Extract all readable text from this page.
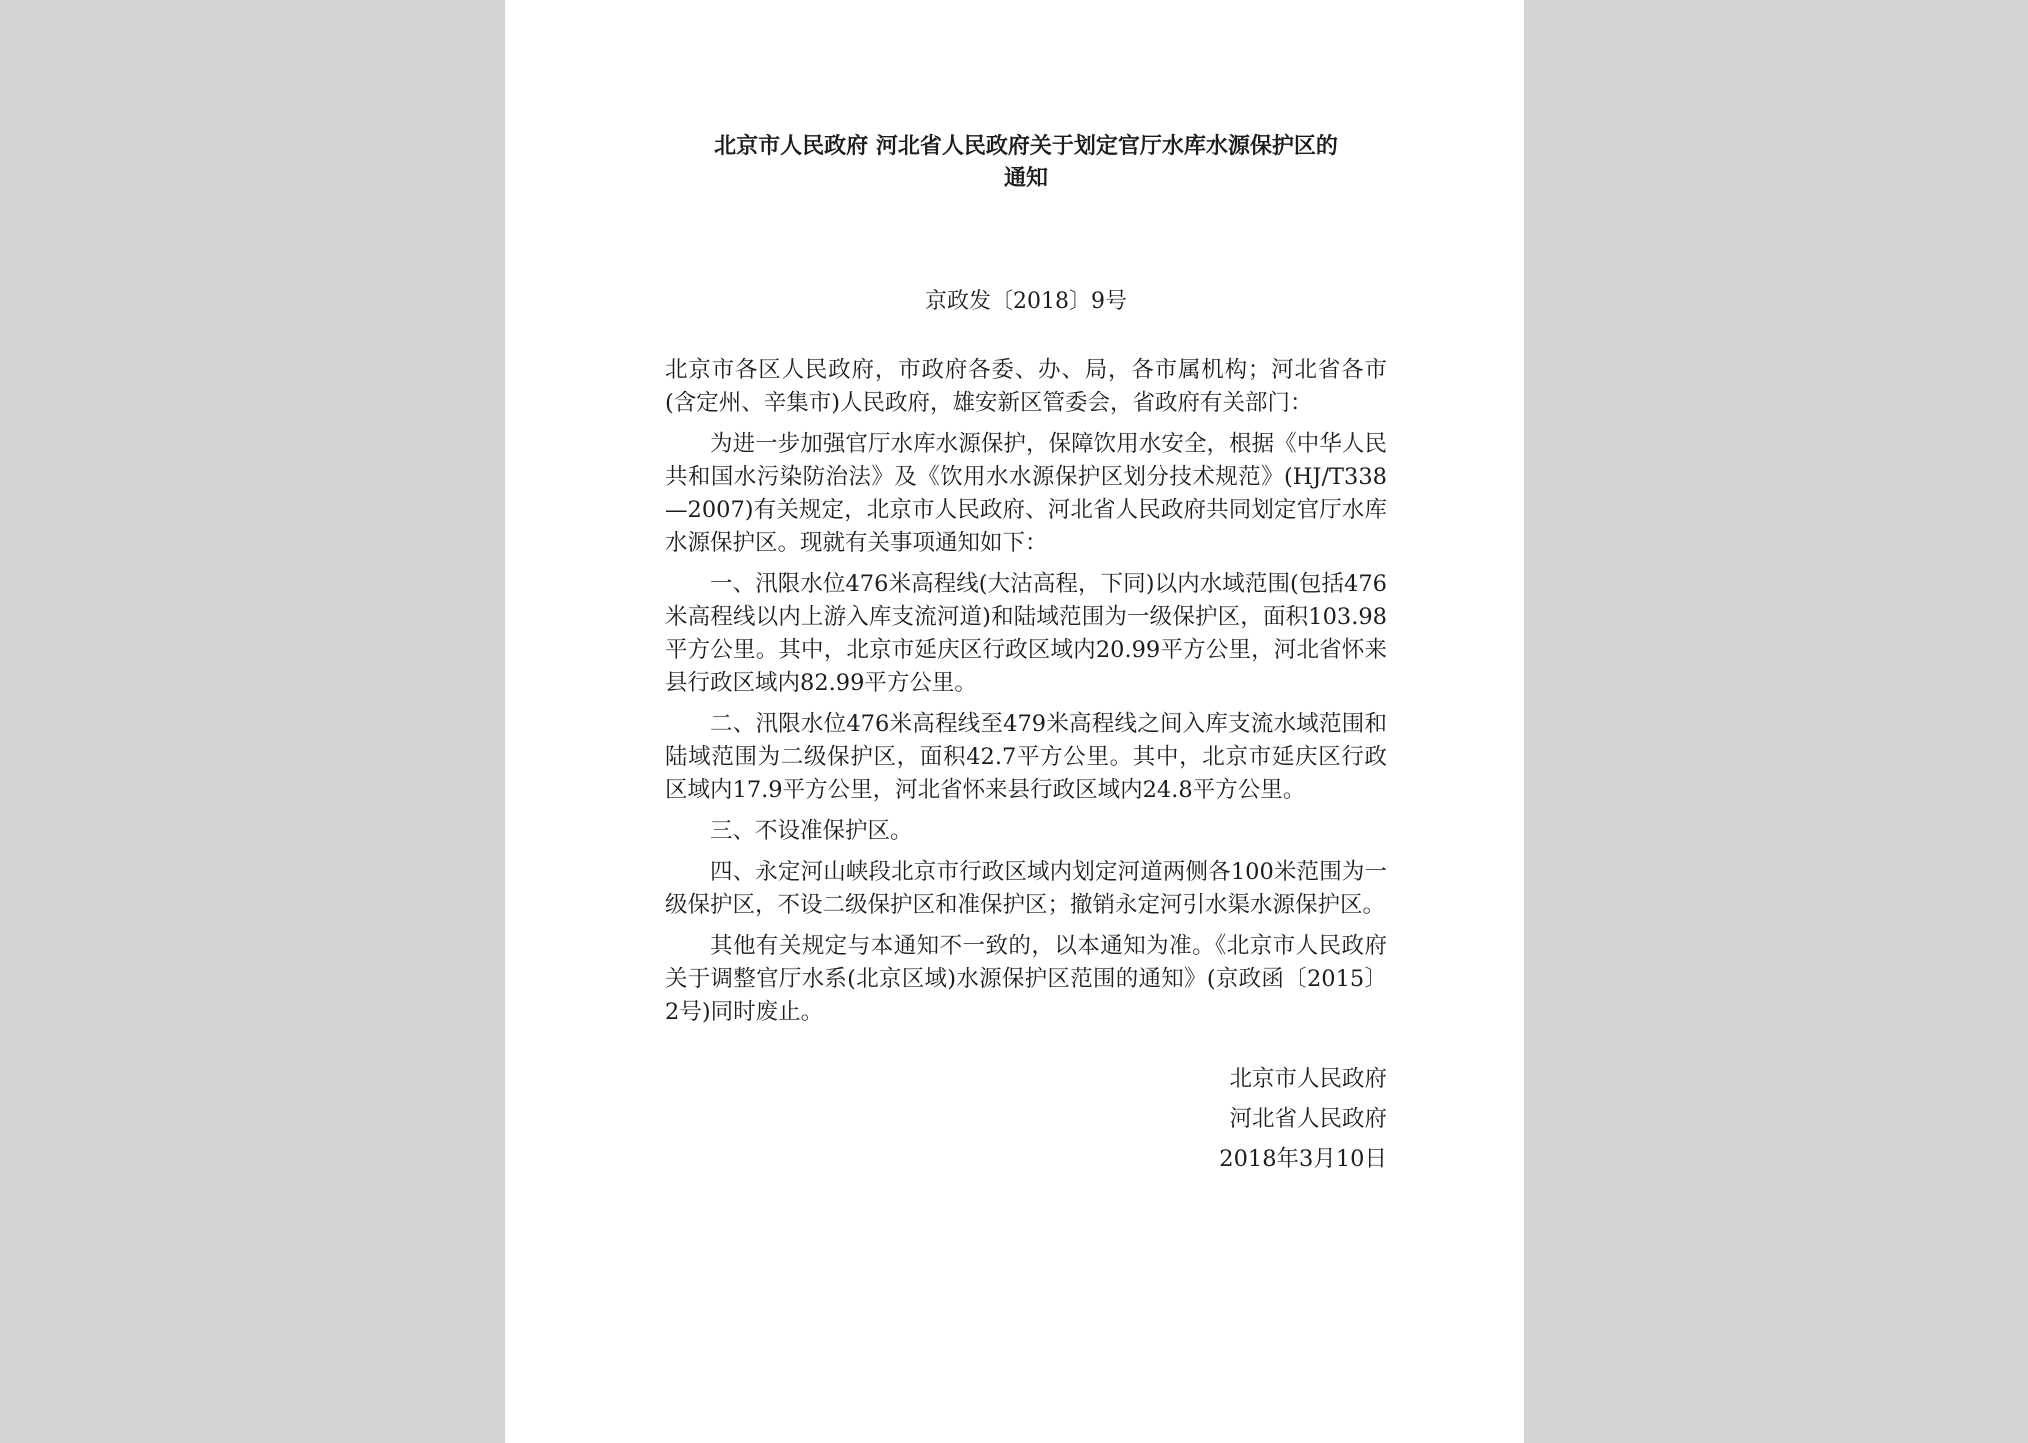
北京市人民政府 河北省人民政府关于划定官厅水库水源保护区的
通知
京政发〔2018〕9号

北京市各区人民政府，市政府各委、办、局，各市属机构；河北省各市(含定州、辛集市)人民政府，雄安新区管委会，省政府有关部门：

为进一步加强官厅水库水源保护，保障饮用水安全，根据《中华人民共和国水污染防治法》及《饮用水水源保护区划分技术规范》(HJ/T338—2007)有关规定，北京市人民政府、河北省人民政府共同划定官厅水库水源保护区。现就有关事项通知如下：

一、汛限水位476米高程线(大沽高程，下同)以内水域范围(包括476米高程线以内上游入库支流河道)和陆域范围为一级保护区，面积103.98平方公里。其中，北京市延庆区行政区域内20.99平方公里，河北省怀来县行政区域内82.99平方公里。

二、汛限水位476米高程线至479米高程线之间入库支流水域范围和陆域范围为二级保护区，面积42.7平方公里。其中，北京市延庆区行政区域内17.9平方公里，河北省怀来县行政区域内24.8平方公里。

三、不设准保护区。

四、永定河山峡段北京市行政区域内划定河道两侧各100米范围为一级保护区，不设二级保护区和准保护区；撤销永定河引水渠水源保护区。

其他有关规定与本通知不一致的，以本通知为准。《北京市人民政府关于调整官厅水系(北京区域)水源保护区范围的通知》(京政函〔2015〕2号)同时废止。

北京市人民政府
河北省人民政府
2018年3月10日
